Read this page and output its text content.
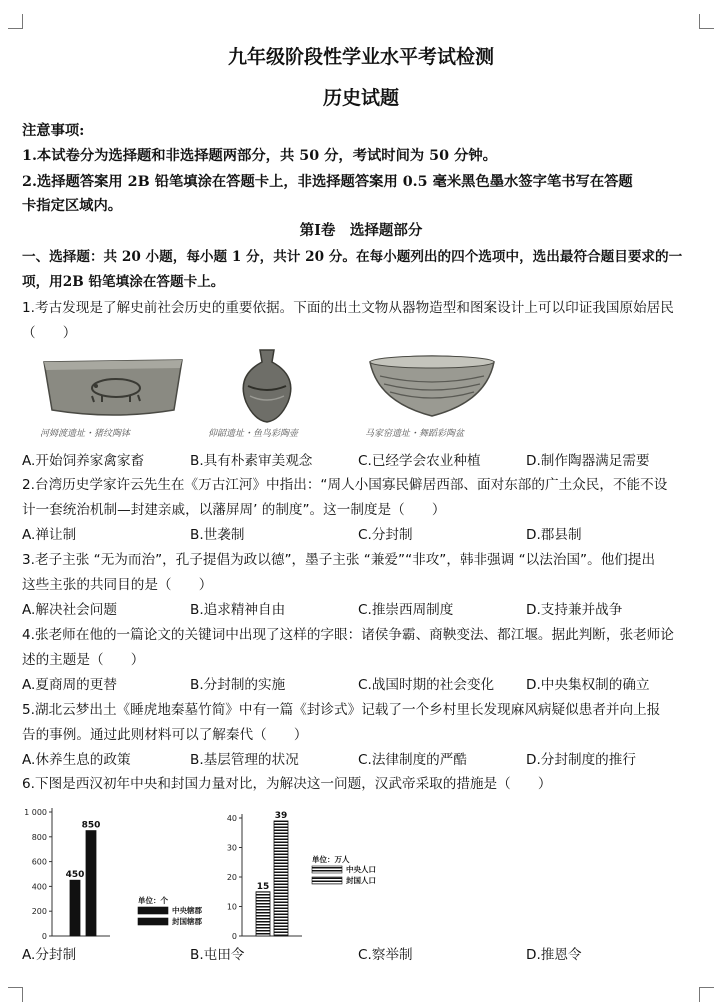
九年级阶段性学业水平考试检测
历史试题
注意事项:
1.本试卷分为选择题和非选择题两部分，共 50 分，考试时间为 50 分钟。
2.选择题答案用 2B 铅笔填涂在答题卡上，非选择题答案用 0.5 毫米黑色墨水签字笔书写在答题
卡指定区域内。
第Ⅰ卷　选择题部分
一、选择题：共 20 小题，每小题 1 分，共计 20 分。在每小题列出的四个选项中，选出最符合题目要求的一
项，用2B 铅笔填涂在答题卡上。
1.考古发现是了解史前社会历史的重要依据。下面的出土文物从器物造型和图案设计上可以印证我国原始居民
（　　）
河姆渡遗址・猪纹陶钵	仰韶遗址・鱼鸟彩陶壶	马家窑遗址・舞蹈彩陶盆
A.开始饲养家禽家畜	B.具有朴素审美观念	C.已经学会农业种植	D.制作陶器满足需要
2.台湾历史学家许云先生在《万古江河》中指出：“周人小国寡民僻居西部、面对东部的广土众民，不能不设
计一套统治机制—封建亲戚，以藩屏周’ 的制度”。这一制度是（　　）
A.禅让制	B.世袭制	C.分封制	D.郡县制
3.老子主张 “无为而治”，孔子提倡为政以德”，墨子主张 “兼爱”“非攻”，韩非强调 “以法治国”。他们提出
这些主张的共同目的是（　　）
A.解决社会问题	B.追求精神自由	C.推崇西周制度	D.支持兼并战争
4.张老师在他的一篇论文的关键词中出现了这样的字眼：诸侯争霸、商鞅变法、都江堰。据此判断，张老师论
述的主题是（　　）
A.夏商周的更替	B.分封制的实施	C.战国时期的社会变化 D.中央集权制的确立
5.湖北云梦出土《睡虎地秦墓竹简》中有一篇《封诊式》记载了一个乡村里长发现麻风病疑似患者并向上报
告的事例。通过此则材料可以了解秦代（　　）
A.休养生息的政策	B.基层管理的状况	C.法律制度的严酷	D.分封制度的推行
6.下图是西汉初年中央和封国力量对比，为解决这一问题，汉武帝采取的措施是（　　）
1 000
800
600
400
200
0
450
850
单位：个
中央辖郡
封国辖郡
40
30
20
10
0
15
39
单位：万人
中央人口
封国人口
A.分封制	B.屯田令	C.察举制	D.推恩令
